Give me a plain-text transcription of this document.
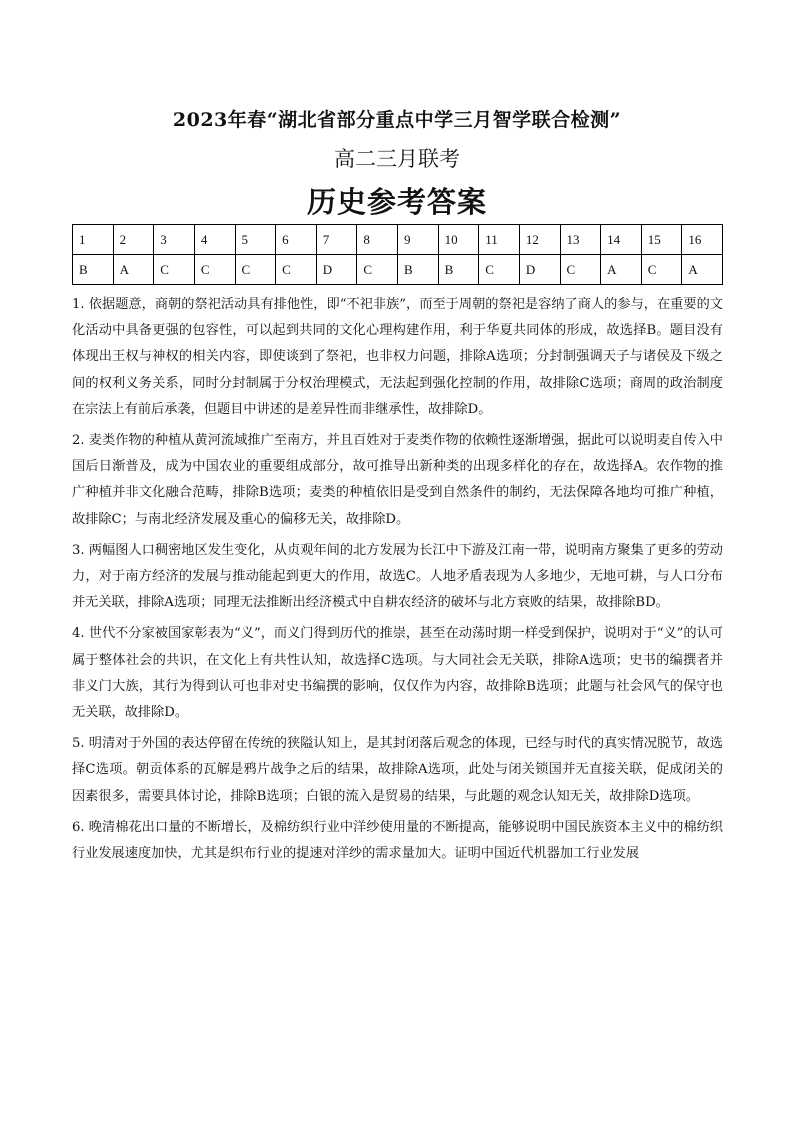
2023年春“湖北省部分重点中学三月智学联合检测”
高二三月联考
历史参考答案
1	2	3	4	5	6	7	8	9	10	11	12	13	14	15	16
B	A	C	C	C	C	D	C	B	B	C	D	C	A	C	A

1. 依据题意，商朝的祭祀活动具有排他性，即“不祀非族”，而至于周朝的祭祀是容纳了商人的参与，在重要的文化活动中具备更强的包容性，可以起到共同的文化心理构建作用，利于华夏共同体的形成，故选择B。题目没有体现出王权与神权的相关内容，即使谈到了祭祀，也非权力问题，排除A选项；分封制强调天子与诸侯及下级之间的权利义务关系，同时分封制属于分权治理模式，无法起到强化控制的作用，故排除C选项；商周的政治制度在宗法上有前后承袭，但题目中讲述的是差异性而非继承性，故排除D。

2. 麦类作物的种植从黄河流域推广至南方，并且百姓对于麦类作物的依赖性逐渐增强，据此可以说明麦自传入中国后日渐普及，成为中国农业的重要组成部分，故可推导出新种类的出现多样化的存在，故选择A。农作物的推广种植并非文化融合范畴，排除B选项；麦类的种植依旧是受到自然条件的制约，无法保障各地均可推广种植，故排除C；与南北经济发展及重心的偏移无关，故排除D。

3. 两幅图人口稠密地区发生变化，从贞观年间的北方发展为长江中下游及江南一带，说明南方聚集了更多的劳动力，对于南方经济的发展与推动能起到更大的作用，故选C。人地矛盾表现为人多地少，无地可耕，与人口分布并无关联，排除A选项；同理无法推断出经济模式中自耕农经济的破坏与北方衰败的结果，故排除BD。

4. 世代不分家被国家彰表为“义”，而义门得到历代的推崇，甚至在动荡时期一样受到保护，说明对于“义”的认可属于整体社会的共识，在文化上有共性认知，故选择C选项。与大同社会无关联，排除A选项；史书的编撰者并非义门大族，其行为得到认可也非对史书编撰的影响，仅仅作为内容，故排除B选项；此题与社会风气的保守也无关联，故排除D。

5. 明清对于外国的表达停留在传统的狭隘认知上，是其封闭落后观念的体现，已经与时代的真实情况脱节，故选择C选项。朝贡体系的瓦解是鸦片战争之后的结果，故排除A选项，此处与闭关锁国并无直接关联，促成闭关的因素很多，需要具体讨论，排除B选项；白银的流入是贸易的结果，与此题的观念认知无关，故排除D选项。

6. 晚清棉花出口量的不断增长，及棉纺织行业中洋纱使用量的不断提高，能够说明中国民族资本主义中的棉纺织行业发展速度加快，尤其是织布行业的提速对洋纱的需求量加大。证明中国近代机器加工行业发展
